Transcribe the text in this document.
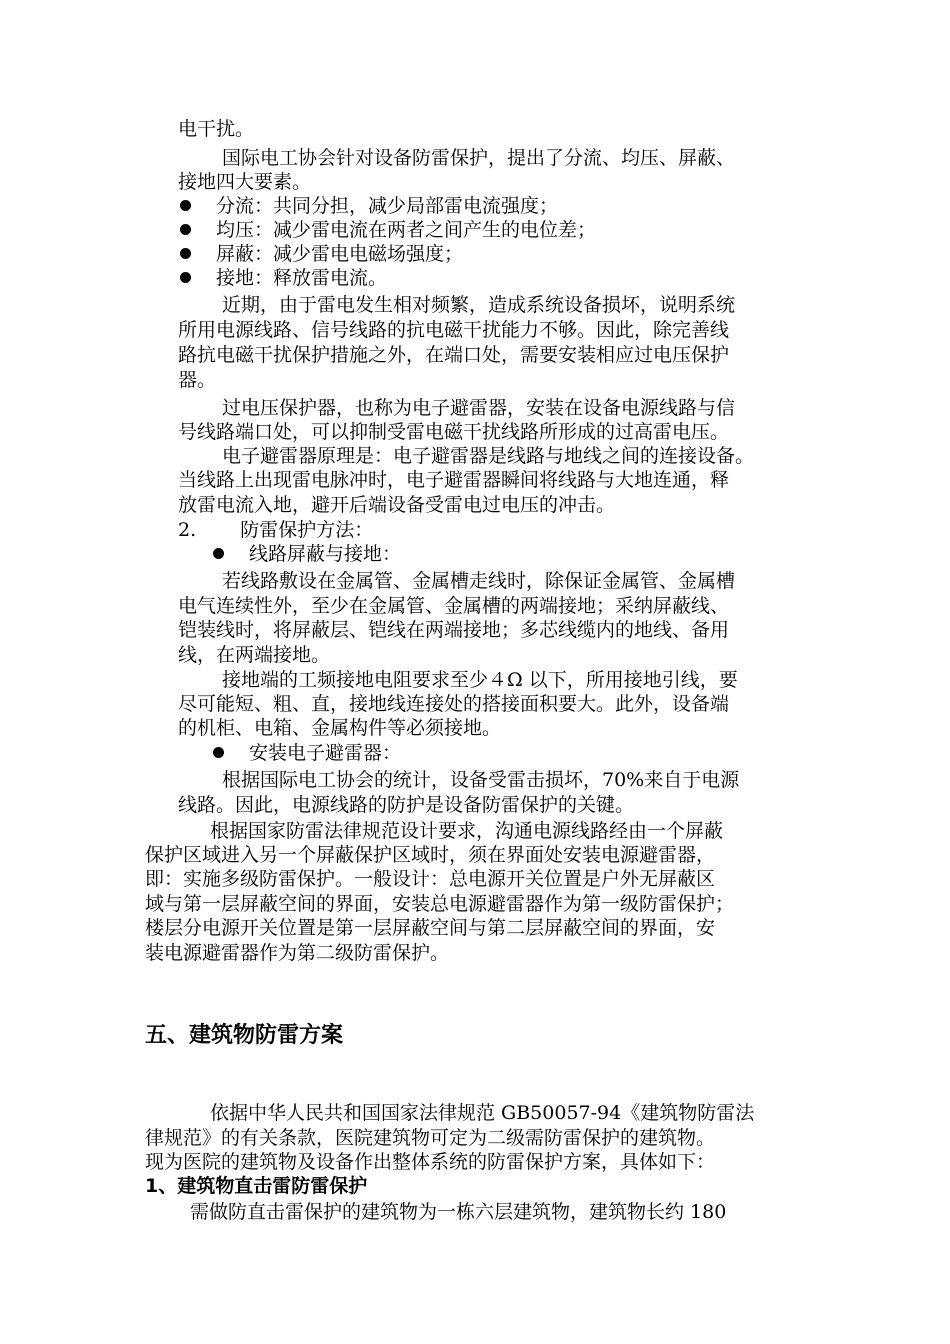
电干扰。
国际电工协会针对设备防雷保护，提出了分流、均压、屏蔽、
接地四大要素。
分流：共同分担，减少局部雷电流强度；
均压：减少雷电流在两者之间产生的电位差；
屏蔽：减少雷电电磁场强度；
接地：释放雷电流。
近期，由于雷电发生相对频繁，造成系统设备损坏，说明系统
所用电源线路、信号线路的抗电磁干扰能力不够。因此，除完善线
路抗电磁干扰保护措施之外，在端口处，需要安装相应过电压保护
器。
过电压保护器，也称为电子避雷器，安装在设备电源线路与信
号线路端口处，可以抑制受雷电磁干扰线路所形成的过高雷电压。
电子避雷器原理是：电子避雷器是线路与地线之间的连接设备。
当线路上出现雷电脉冲时，电子避雷器瞬间将线路与大地连通，释
放雷电流入地，避开后端设备受雷电过电压的冲击。
2. 防雷保护方法：
线路屏蔽与接地：
若线路敷设在金属管、金属槽走线时，除保证金属管、金属槽
电气连续性外，至少在金属管、金属槽的两端接地；采纳屏蔽线、
铠装线时，将屏蔽层、铠线在两端接地；多芯线缆内的地线、备用
线，在两端接地。
接地端的工频接地电阻要求至少４Ω 以下，所用接地引线，要
尽可能短、粗、直，接地线连接处的搭接面积要大。此外，设备端
的机柜、电箱、金属构件等必须接地。
安装电子避雷器：
根据国际电工协会的统计，设备受雷击损坏，70%来自于电源
线路。因此，电源线路的防护是设备防雷保护的关键。
根据国家防雷法律规范设计要求，沟通电源线路经由一个屏蔽
保护区域进入另一个屏蔽保护区域时，须在界面处安装电源避雷器，
即：实施多级防雷保护。一般设计：总电源开关位置是户外无屏蔽区
域与第一层屏蔽空间的界面，安装总电源避雷器作为第一级防雷保护；
楼层分电源开关位置是第一层屏蔽空间与第二层屏蔽空间的界面，安
装电源避雷器作为第二级防雷保护。
五、建筑物防雷方案
依据中华人民共和国国家法律规范 GB50057-94《建筑物防雷法
律规范》的有关条款，医院建筑物可定为二级需防雷保护的建筑物。
现为医院的建筑物及设备作出整体系统的防雷保护方案，具体如下：
1、建筑物直击雷防雷保护
需做防直击雷保护的建筑物为一栋六层建筑物，建筑物长约 180
